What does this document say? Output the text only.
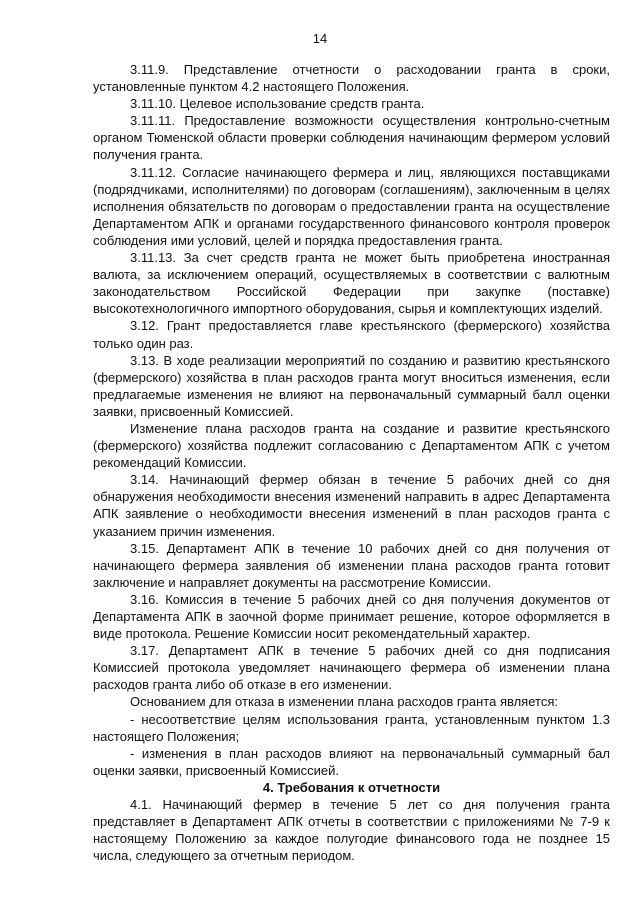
14

3.11.9. Представление отчетности о расходовании гранта в сроки, установленные пунктом 4.2 настоящего Положения.

3.11.10. Целевое использование средств гранта.

3.11.11. Предоставление возможности осуществления контрольно-счетным органом Тюменской области проверки соблюдения начинающим фермером условий получения гранта.

3.11.12. Согласие начинающего фермера и лиц, являющихся поставщиками (подрядчиками, исполнителями) по договорам (соглашениям), заключенным в целях исполнения обязательств по договорам о предоставлении гранта на осуществление Департаментом АПК и органами государственного финансового контроля проверок соблюдения ими условий, целей и порядка предоставления гранта.

3.11.13. За счет средств гранта не может быть приобретена иностранная валюта, за исключением операций, осуществляемых в соответствии с валютным законодательством Российской Федерации при закупке (поставке) высокотехнологичного импортного оборудования, сырья и комплектующих изделий.

3.12. Грант предоставляется главе крестьянского (фермерского) хозяйства только один раз.

3.13. В ходе реализации мероприятий по созданию и развитию крестьянского (фермерского) хозяйства в план расходов гранта могут вноситься изменения, если предлагаемые изменения не влияют на первоначальный суммарный балл оценки заявки, присвоенный Комиссией.

Изменение плана расходов гранта на создание и развитие крестьянского (фермерского) хозяйства подлежит согласованию с Департаментом АПК с учетом рекомендаций Комиссии.

3.14. Начинающий фермер обязан в течение 5 рабочих дней со дня обнаружения необходимости внесения изменений направить в адрес Департамента АПК заявление о необходимости внесения изменений в план расходов гранта с указанием причин изменения.

3.15. Департамент АПК в течение 10 рабочих дней со дня получения от начинающего фермера заявления об изменении плана расходов гранта готовит заключение и направляет документы на рассмотрение Комиссии.

3.16. Комиссия в течение 5 рабочих дней со дня получения документов от Департамента АПК в заочной форме принимает решение, которое оформляется в виде протокола. Решение Комиссии носит рекомендательный характер.

3.17. Департамент АПК в течение 5 рабочих дней со дня подписания Комиссией протокола уведомляет начинающего фермера об изменении плана расходов гранта либо об отказе в его изменении.

Основанием для отказа в изменении плана расходов гранта является:

- несоответствие целям использования гранта, установленным пунктом 1.3 настоящего Положения;

- изменения в план расходов влияют на первоначальный суммарный бал оценки заявки, присвоенный Комиссией.

4. Требования к отчетности

4.1. Начинающий фермер в течение 5 лет со дня получения гранта представляет в Департамент АПК отчеты в соответствии с приложениями № 7-9 к настоящему Положению за каждое полугодие финансового года не позднее 15 числа, следующего за отчетным периодом.
